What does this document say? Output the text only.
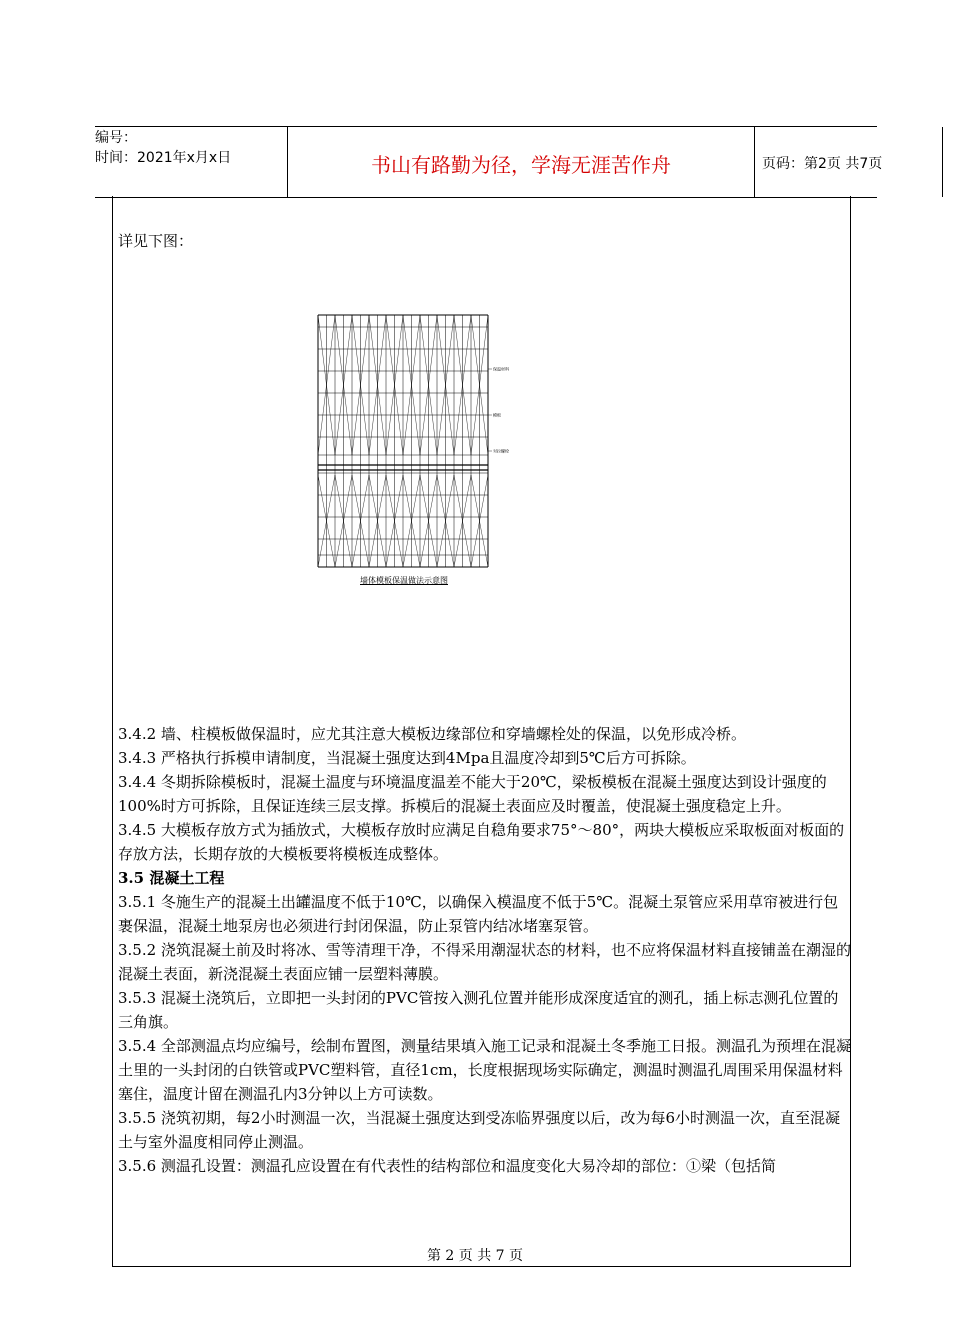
编号：
时间：2021年x月x日	书山有路勤为径，学海无涯苦作舟	页码：第2页 共7页
详见下图：
保温材料
模板
对拉螺栓
墙体模板保温做法示意图

3.4.2 墙、柱模板做保温时，应尤其注意大模板边缘部位和穿墙螺栓处的保温，以免形成冷桥。

3.4.3 严格执行拆模申请制度，当混凝土强度达到4Mpa且温度冷却到5℃后方可拆除。

3.4.4 冬期拆除模板时，混凝土温度与环境温度温差不能大于20℃，梁板模板在混凝土强度达到设计强度的100%时方可拆除，且保证连续三层支撑。拆模后的混凝土表面应及时覆盖，使混凝土强度稳定上升。

3.4.5 大模板存放方式为插放式，大模板存放时应满足自稳角要求75°～80°，两块大模板应采取板面对板面的存放方法，长期存放的大模板要将模板连成整体。

3.5 混凝土工程

3.5.1 冬施生产的混凝土出罐温度不低于10℃，以确保入模温度不低于5℃。混凝土泵管应采用草帘被进行包裹保温，混凝土地泵房也必须进行封闭保温，防止泵管内结冰堵塞泵管。

3.5.2 浇筑混凝土前及时将冰、雪等清理干净，不得采用潮湿状态的材料，也不应将保温材料直接铺盖在潮湿的混凝土表面，新浇混凝土表面应铺一层塑料薄膜。

3.5.3 混凝土浇筑后，立即把一头封闭的PVC管按入测孔位置并能形成深度适宜的测孔，插上标志测孔位置的三角旗。

3.5.4 全部测温点均应编号，绘制布置图，测量结果填入施工记录和混凝土冬季施工日报。测温孔为预埋在混凝土里的一头封闭的白铁管或PVC塑料管，直径1cm，长度根据现场实际确定，测温时测温孔周围采用保温材料塞住，温度计留在测温孔内3分钟以上方可读数。

3.5.5 浇筑初期，每2小时测温一次，当混凝土强度达到受冻临界强度以后，改为每6小时测温一次，直至混凝土与室外温度相同停止测温。

3.5.6 测温孔设置：测温孔应设置在有代表性的结构部位和温度变化大易冷却的部位：①梁（包括简

第 2 页 共 7 页
